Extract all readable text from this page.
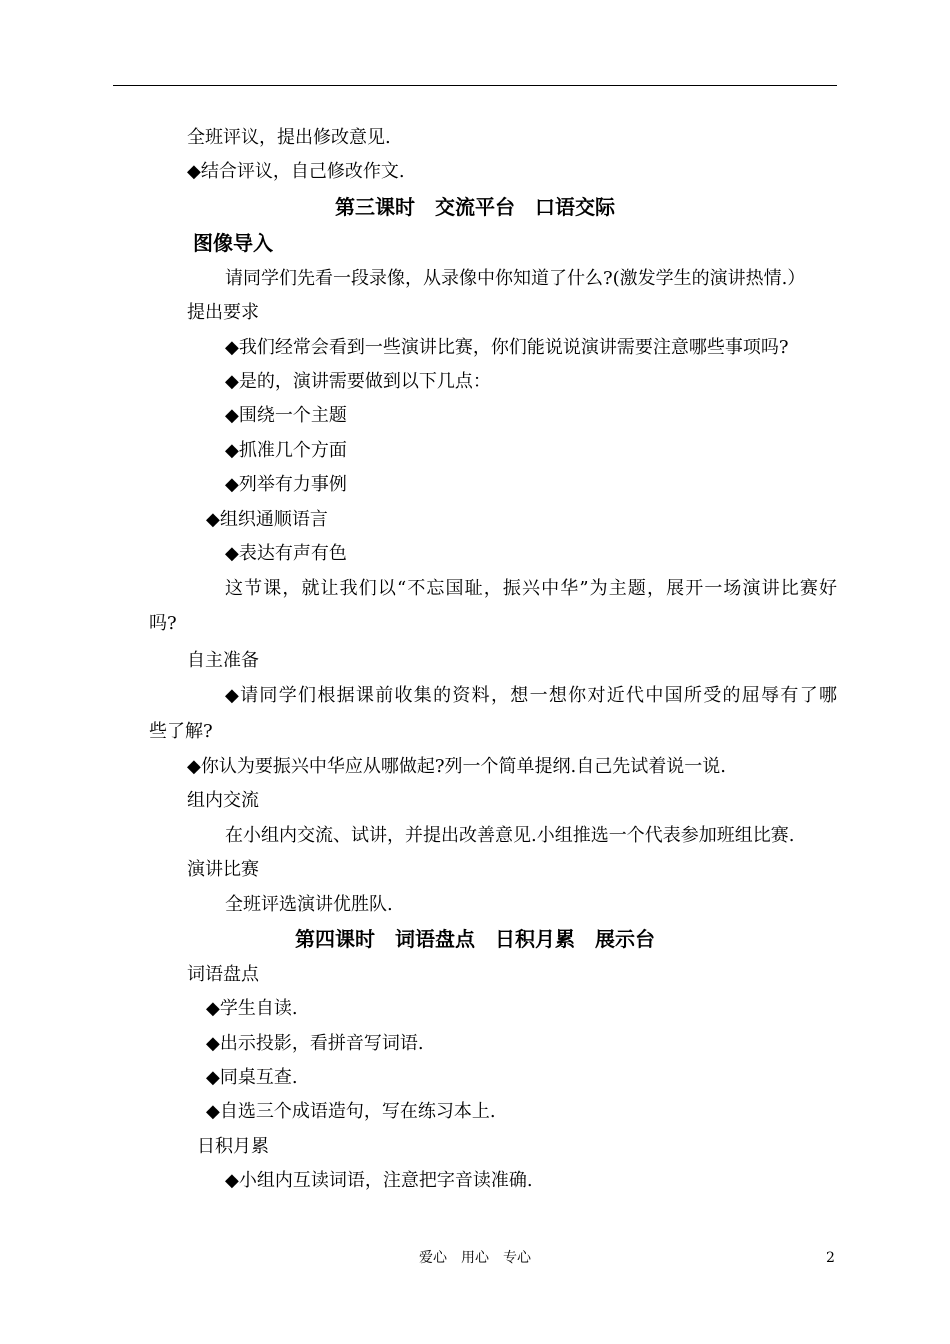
全班评议，提出修改意见.
◆结合评议，自己修改作文.
第三课时　交流平台　口语交际
图像导入
请同学们先看一段录像，从录像中你知道了什么?(激发学生的演讲热情.）
提出要求
◆我们经常会看到一些演讲比赛，你们能说说演讲需要注意哪些事项吗?
◆是的，演讲需要做到以下几点：
◆围绕一个主题
◆抓准几个方面
◆列举有力事例
◆组织通顺语言
◆表达有声有色
这节课，就让我们以“不忘国耻，振兴中华”为主题，展开一场演讲比赛好
吗?
自主准备
◆请同学们根据课前收集的资料，想一想你对近代中国所受的屈辱有了哪
些了解?
◆你认为要振兴中华应从哪做起?列一个简单提纲.自己先试着说一说.
组内交流
在小组内交流、试讲，并提出改善意见.小组推选一个代表参加班组比赛.
演讲比赛
全班评选演讲优胜队.
第四课时　词语盘点　日积月累　展示台
词语盘点
◆学生自读.
◆出示投影，看拼音写词语.
◆同桌互查.
◆自选三个成语造句，写在练习本上.
日积月累
◆小组内互读词语，注意把字音读准确.
爱心　用心　专心	2
